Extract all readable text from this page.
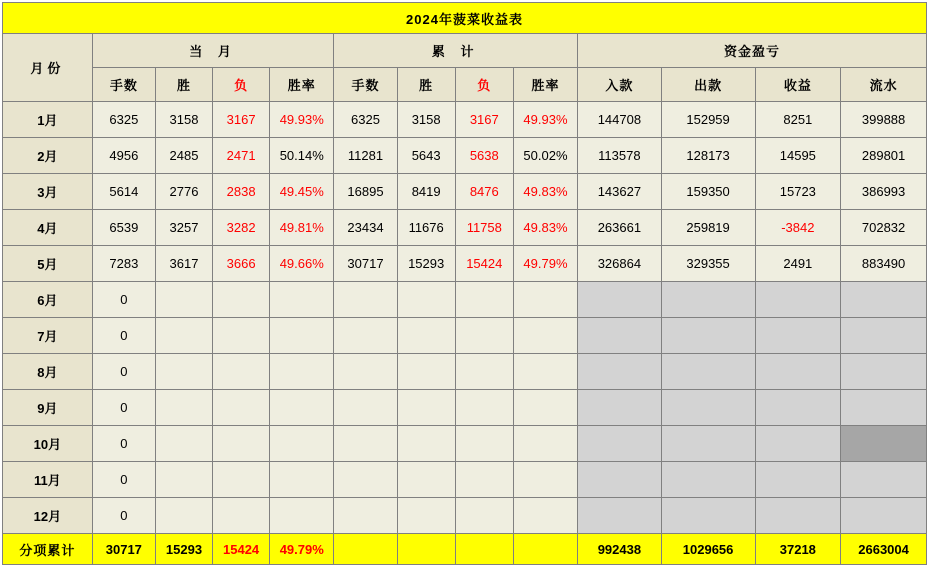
2024年菠菜收益表												
月份	当 月				累 计				资金盈亏			
	手数	胜	负	胜率	手数	胜	负	胜率	入款	出款	收益	流水
1月	6325	3158	3167	49.93%	6325	3158	3167	49.93%	144708	152959	8251	399888
2月	4956	2485	2471	50.14%	11281	5643	5638	50.02%	113578	128173	14595	289801
3月	5614	2776	2838	49.45%	16895	8419	8476	49.83%	143627	159350	15723	386993
4月	6539	3257	3282	49.81%	23434	11676	11758	49.83%	263661	259819	-3842	702832
5月	7283	3617	3666	49.66%	30717	15293	15424	49.79%	326864	329355	2491	883490
6月	0											
7月	0											
8月	0											
9月	0											
10月	0											
11月	0											
12月	0											
分项累计	30717	15293	15424	49.79%					992438	1029656	37218	2663004
